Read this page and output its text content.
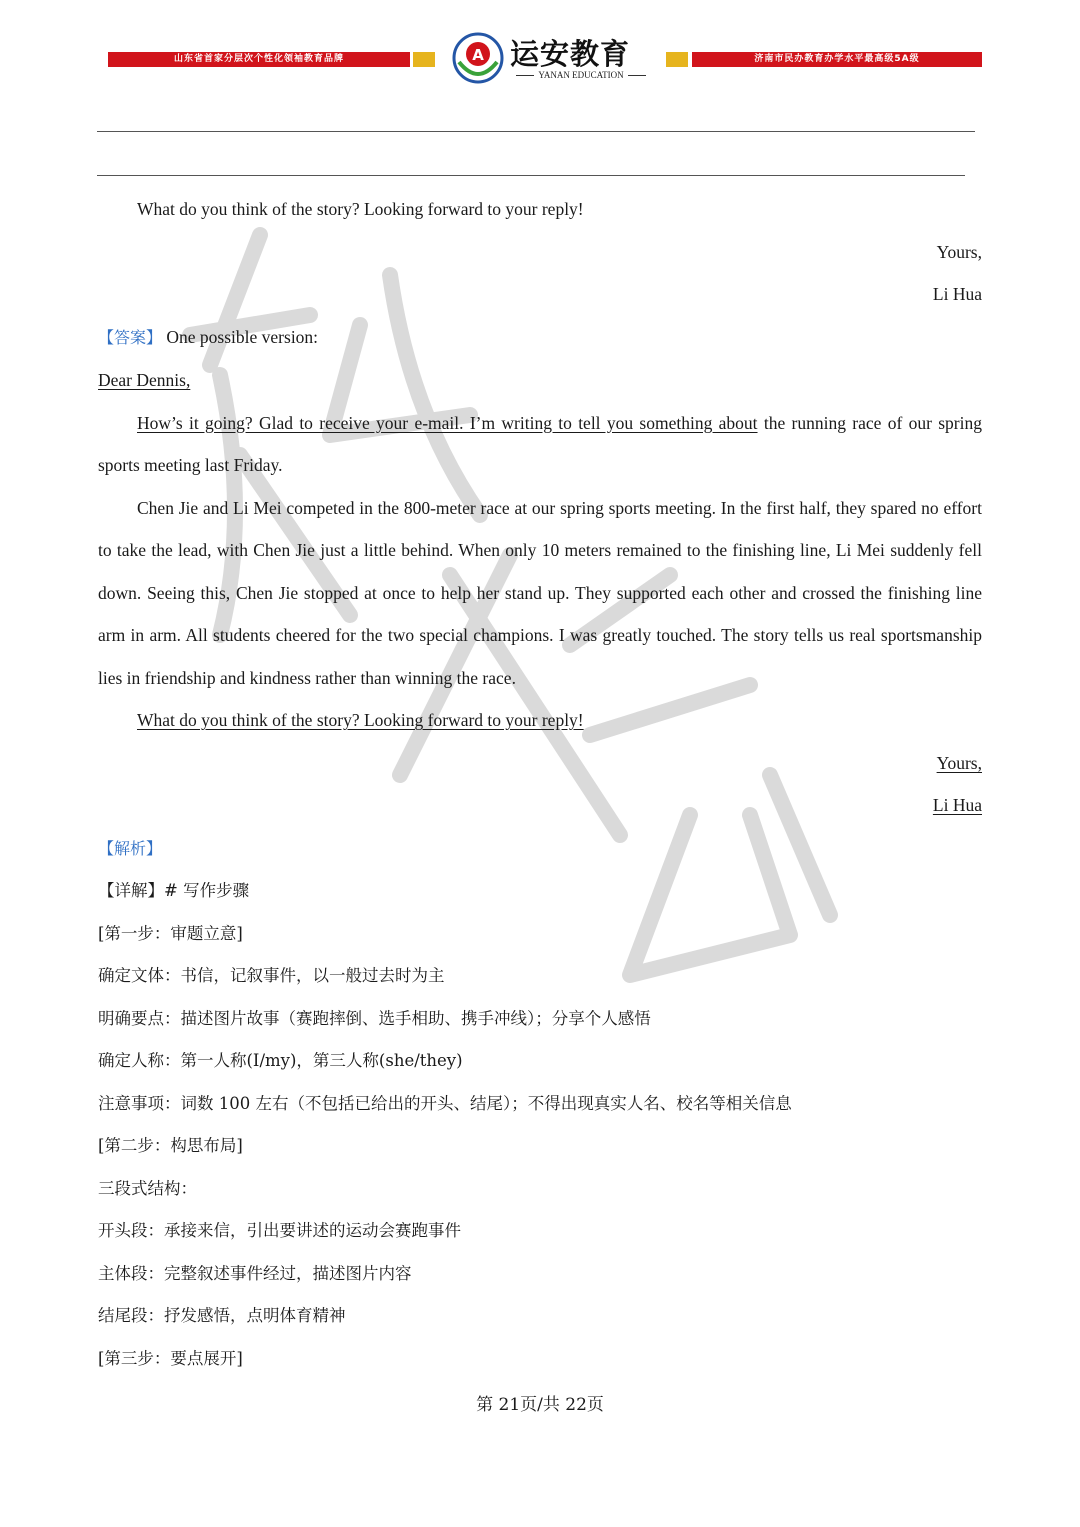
山东省首家分层次个性化领袖教育品牌	A 运安教育
YANAN EDUCATION
济南市民办教育办学水平最高级5A级

What do you think of the story? Looking forward to your reply!

Yours,

Li Hua

【答案】 One possible version:

Dear Dennis,

How’s it going? Glad to receive your e-mail. I’m writing to tell you something about the running race of our spring sports meeting last Friday.

Chen Jie and Li Mei competed in the 800-meter race at our spring sports meeting. In the first half, they spared no effort to take the lead, with Chen Jie just a little behind. When only 10 meters remained to the finishing line, Li Mei suddenly fell down. Seeing this, Chen Jie stopped at once to help her stand up. They supported each other and crossed the finishing line arm in arm. All students cheered for the two special champions. I was greatly touched. The story tells us real sportsmanship lies in friendship and kindness rather than winning the race.

What do you think of the story? Looking forward to your reply!

Yours,

Li Hua

【解析】

【详解】# 写作步骤

[第一步：审题立意]

确定文体：书信，记叙事件，以一般过去时为主

明确要点：描述图片故事（赛跑摔倒、选手相助、携手冲线）；分享个人感悟

确定人称：第一人称(I/my)，第三人称(she/they)

注意事项：词数 100 左右（不包括已给出的开头、结尾）；不得出现真实人名、校名等相关信息

[第二步：构思布局]

三段式结构：

开头段：承接来信，引出要讲述的运动会赛跑事件

主体段：完整叙述事件经过，描述图片内容

结尾段：抒发感悟，点明体育精神

[第三步：要点展开]

第 21页/共 22页
